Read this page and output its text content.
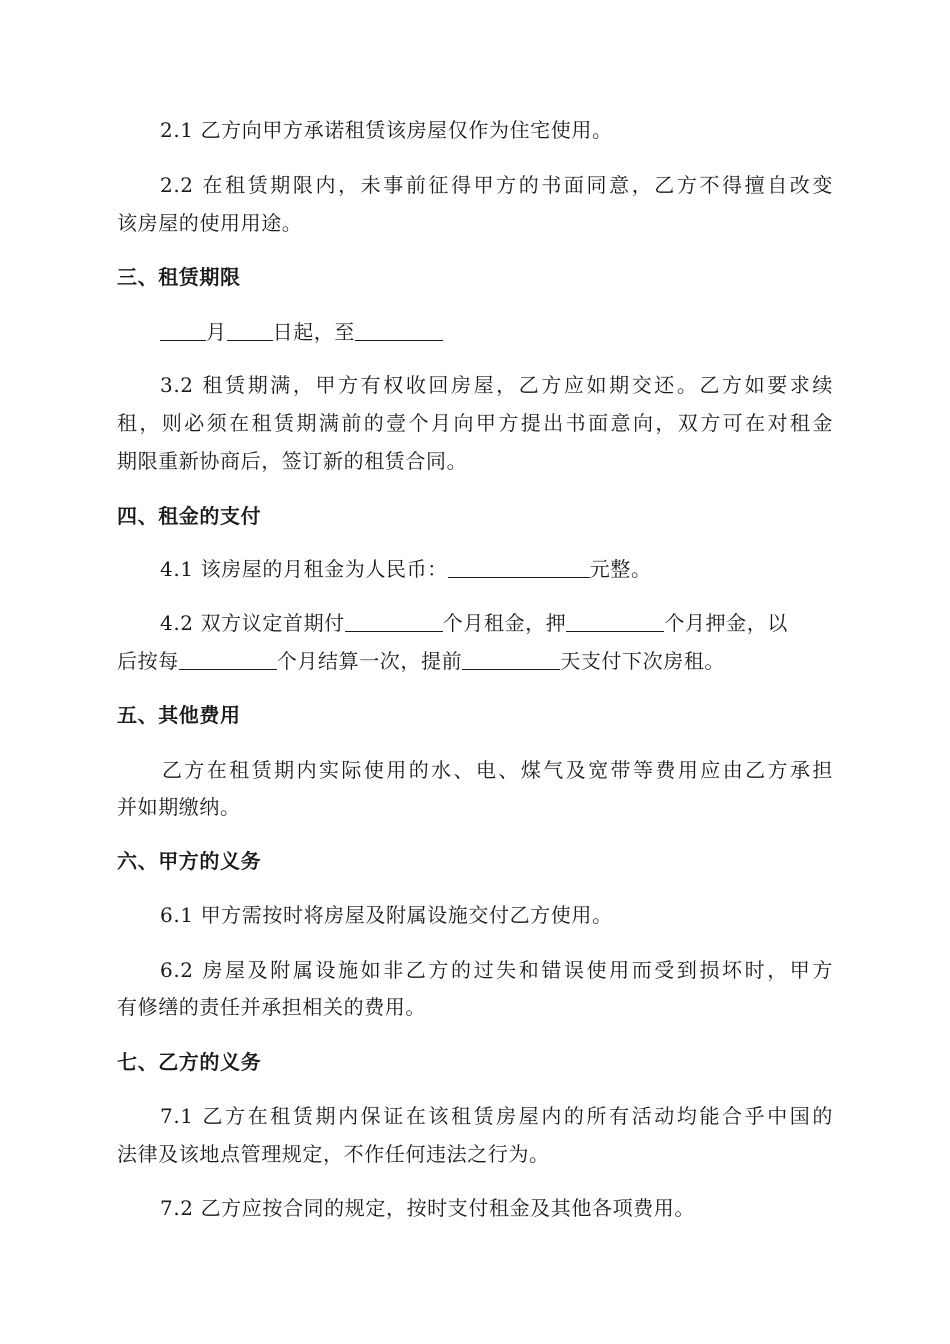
2.1 乙方向甲方承诺租赁该房屋仅作为住宅使用。
2.2 在租赁期限内，未事前征得甲方的书面同意，乙方不得擅自改变
该房屋的使用用途。
三、租赁期限
月 日起，至
3.2 租赁期满，甲方有权收回房屋，乙方应如期交还。乙方如要求续
租，则必须在租赁期满前的壹个月向甲方提出书面意向，双方可在对租金
期限重新协商后，签订新的租赁合同。
四、租金的支付
4.1 该房屋的月租金为人民币：	元整。
4.2 双方议定首期付	个月租金，押	个月押金，以
后按每	个月结算一次，提前	天支付下次房租。
五、其他费用
乙方在租赁期内实际使用的水、电、煤气及宽带等费用应由乙方承担
并如期缴纳。
六、甲方的义务
6.1 甲方需按时将房屋及附属设施交付乙方使用。
6.2 房屋及附属设施如非乙方的过失和错误使用而受到损坏时，甲方
有修缮的责任并承担相关的费用。
七、乙方的义务
7.1 乙方在租赁期内保证在该租赁房屋内的所有活动均能合乎中国的
法律及该地点管理规定，不作任何违法之行为。
7.2 乙方应按合同的规定，按时支付租金及其他各项费用。
